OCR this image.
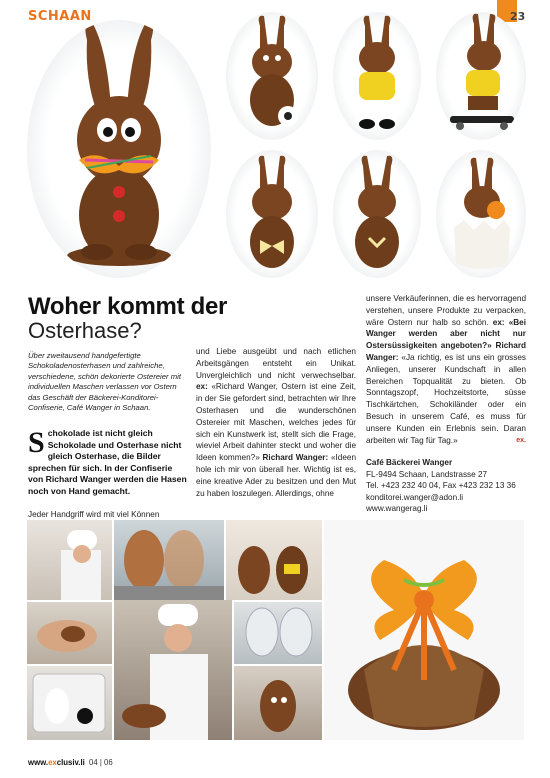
SCHAAN	23
Woher kommt der
Osterhase?
Über zweitausend handgefertigte Schokoladenosterhasen und zahlreiche, verschiedene, schön dekorierte Ostereier mit individuellen Maschen verlassen vor Ostern das Geschäft der Bäckerei-Konditorei-Confiserie, Café Wanger in Schaan.
Schokolade ist nicht gleich Schokolade und Osterhase nicht gleich Osterhase, die Bilder sprechen für sich. In der Confiserie von Richard Wanger werden die Hasen noch von Hand gemacht.
Jeder Handgriff wird mit viel Können
und Liebe ausgeübt und nach etlichen Arbeitsgängen entsteht ein Unikat. Unvergleichlich und nicht verwechselbar. ex: «Richard Wanger, Ostern ist eine Zeit, in der Sie gefordert sind, betrachten wir Ihre Osterhasen und die wunderschönen Ostereier mit Maschen, welches jedes für sich ein Kunstwerk ist, stellt sich die Frage, wieviel Arbeit dahinter steckt und woher die Ideen kommen?» Richard Wanger: «Ideen hole ich mir von überall her. Wichtig ist es, eine kreative Ader zu besitzen und den Mut zu haben loszulegen. Allerdings, ohne
unsere Verkäuferinnen, die es hervorragend verstehen, unsere Produkte zu verpacken, wäre Ostern nur halb so schön. ex: «Bei Wanger werden aber nicht nur Ostersüssigkeiten angeboten?» Richard Wanger: «Ja richtig, es ist uns ein grosses Anliegen, unserer Kundschaft in allen Bereichen Topqualität zu bieten. Ob Sonntagszopf, Hochzeitstorte, süsse Tischkärtchen, Schokiländer oder ein Besuch in unserem Café, es muss für unsere Kunden ein Erlebnis sein. Daran arbeiten wir Tag für Tag.»	ex.
Café Bäckerei Wanger
FL-9494 Schaan, Landstrasse 27
Tel. +423 232 40 04, Fax +423 232 13 36
konditorei.wanger@adon.li
www.wangerag.li
www.exclusiv.li 04 | 06
